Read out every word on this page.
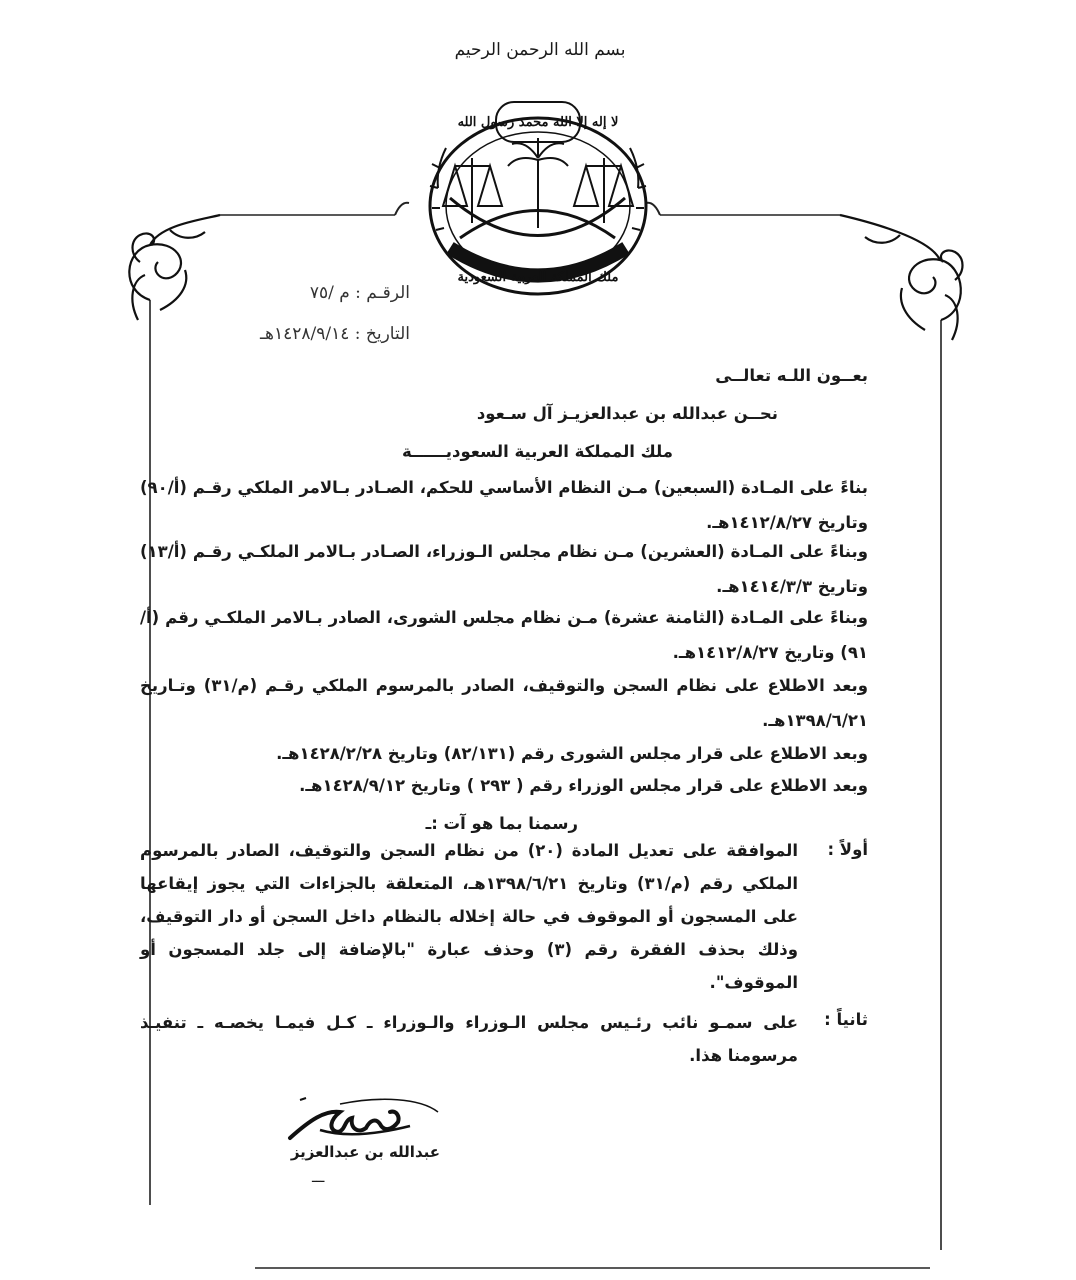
بسم الله الرحمن الرحيم
لا إله إلا الله محمد رسول الله
ملك المملكة العربية السعودية
الرقـم : م /٧٥
التاريخ : ١٤٢٨/٩/١٤هـ
بعــون اللـه تعالــى
نحــن عبدالله بن عبدالعزيـز آل سـعود
ملك المملكة العربية السعوديــــــة
بناءً على المـادة (السبعين) مـن النظام الأساسي للحكم، الصـادر بـالامر الملكي رقـم (أ/٩٠) وتاريخ ١٤١٢/٨/٢٧هـ.
وبناءً على المـادة (العشرين) مـن نظام مجلس الـوزراء، الصـادر بـالامر الملكـي رقـم (أ/١٣) وتاريخ ١٤١٤/٣/٣هـ.
وبناءً على المـادة (الثامنة عشرة) مـن نظام مجلس الشورى، الصادر بـالامر الملكـي رقم (أ/٩١) وتاريخ ١٤١٢/٨/٢٧هـ.
وبعد الاطلاع على نظام السجن والتوقيف، الصادر بالمرسوم الملكي رقـم (م/٣١) وتـاريخ ١٣٩٨/٦/٢١هـ.
وبعد الاطلاع على قرار مجلس الشورى رقم (٨٢/١٣١) وتاريخ ١٤٢٨/٢/٢٨هـ.
وبعد الاطلاع على قرار مجلس الوزراء رقم ( ٢٩٣ ) وتاريخ ١٤٢٨/٩/١٢هـ.
رسمنا بما هو آت :ـ
أولاً :
الموافقة على تعديل المادة (٢٠) من نظام السجن والتوقيف، الصادر بالمرسوم الملكي رقم (م/٣١) وتاريخ ١٣٩٨/٦/٢١هـ، المتعلقة بالجزاءات التي يجوز إيقاعها على المسجون أو الموقوف في حالة إخلاله بالنظام داخل السجن أو دار التوقيف، وذلك بحذف الفقرة رقم (٣) وحذف عبارة "بالإضافة إلى جلد المسجون أو الموقوف".
ثانياً :
على سمـو نائب رئـيس مجلس الـوزراء والـوزراء ـ كـل فيمـا يخصـه ـ تنفيـذ مرسومنا هذا.
عبدالله بن عبدالعزيز
ـــ
